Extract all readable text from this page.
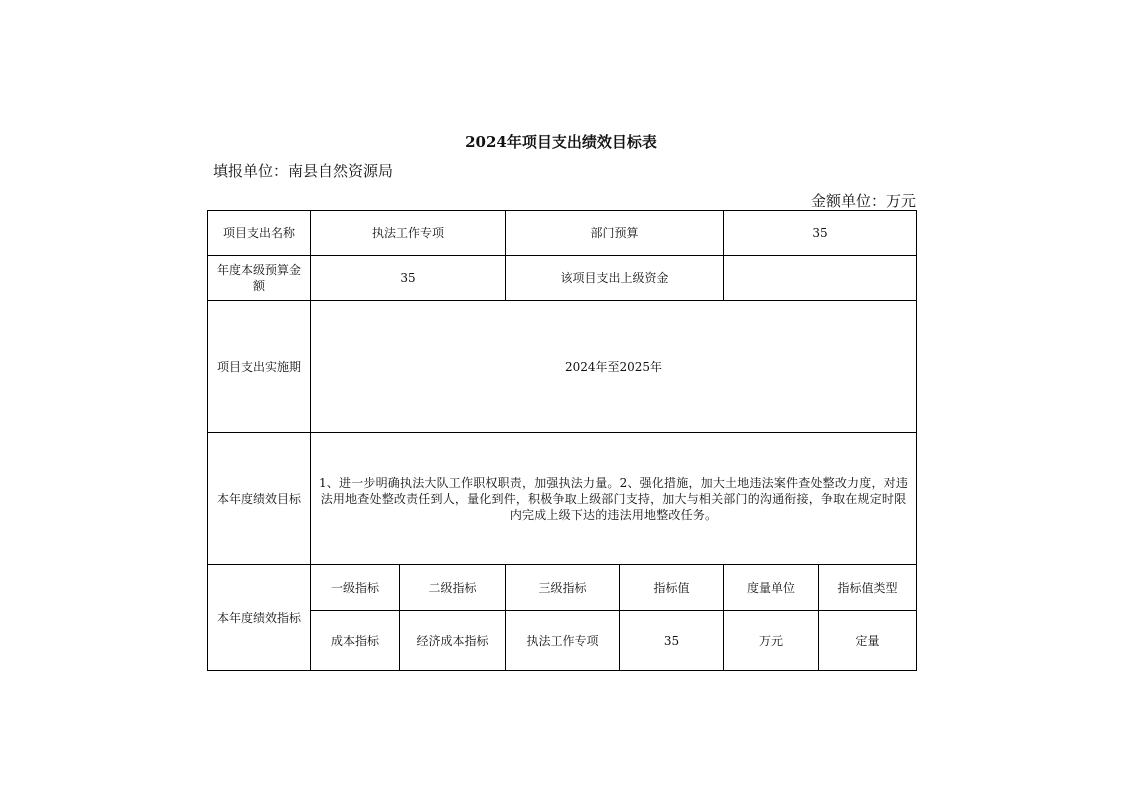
2024年项目支出绩效目标表
填报单位：南县自然资源局
金额单位：万元
项目支出名称	执法工作专项		部门预算		35	
年度本级预算金额	35		该项目支出上级资金			
项目支出实施期	2024年至2025年					
本年度绩效目标	1、进一步明确执法大队工作职权职责，加强执法力量。2、强化措施，加大土地违法案件查处整改力度，对违法用地查处整改责任到人，量化到件，积极争取上级部门支持，加大与相关部门的沟通衔接，争取在规定时限内完成上级下达的违法用地整改任务。					
本年度绩效指标	一级指标	二级指标	三级指标	指标值	度量单位	指标值类型
	成本指标	经济成本指标	执法工作专项	35	万元	定量
